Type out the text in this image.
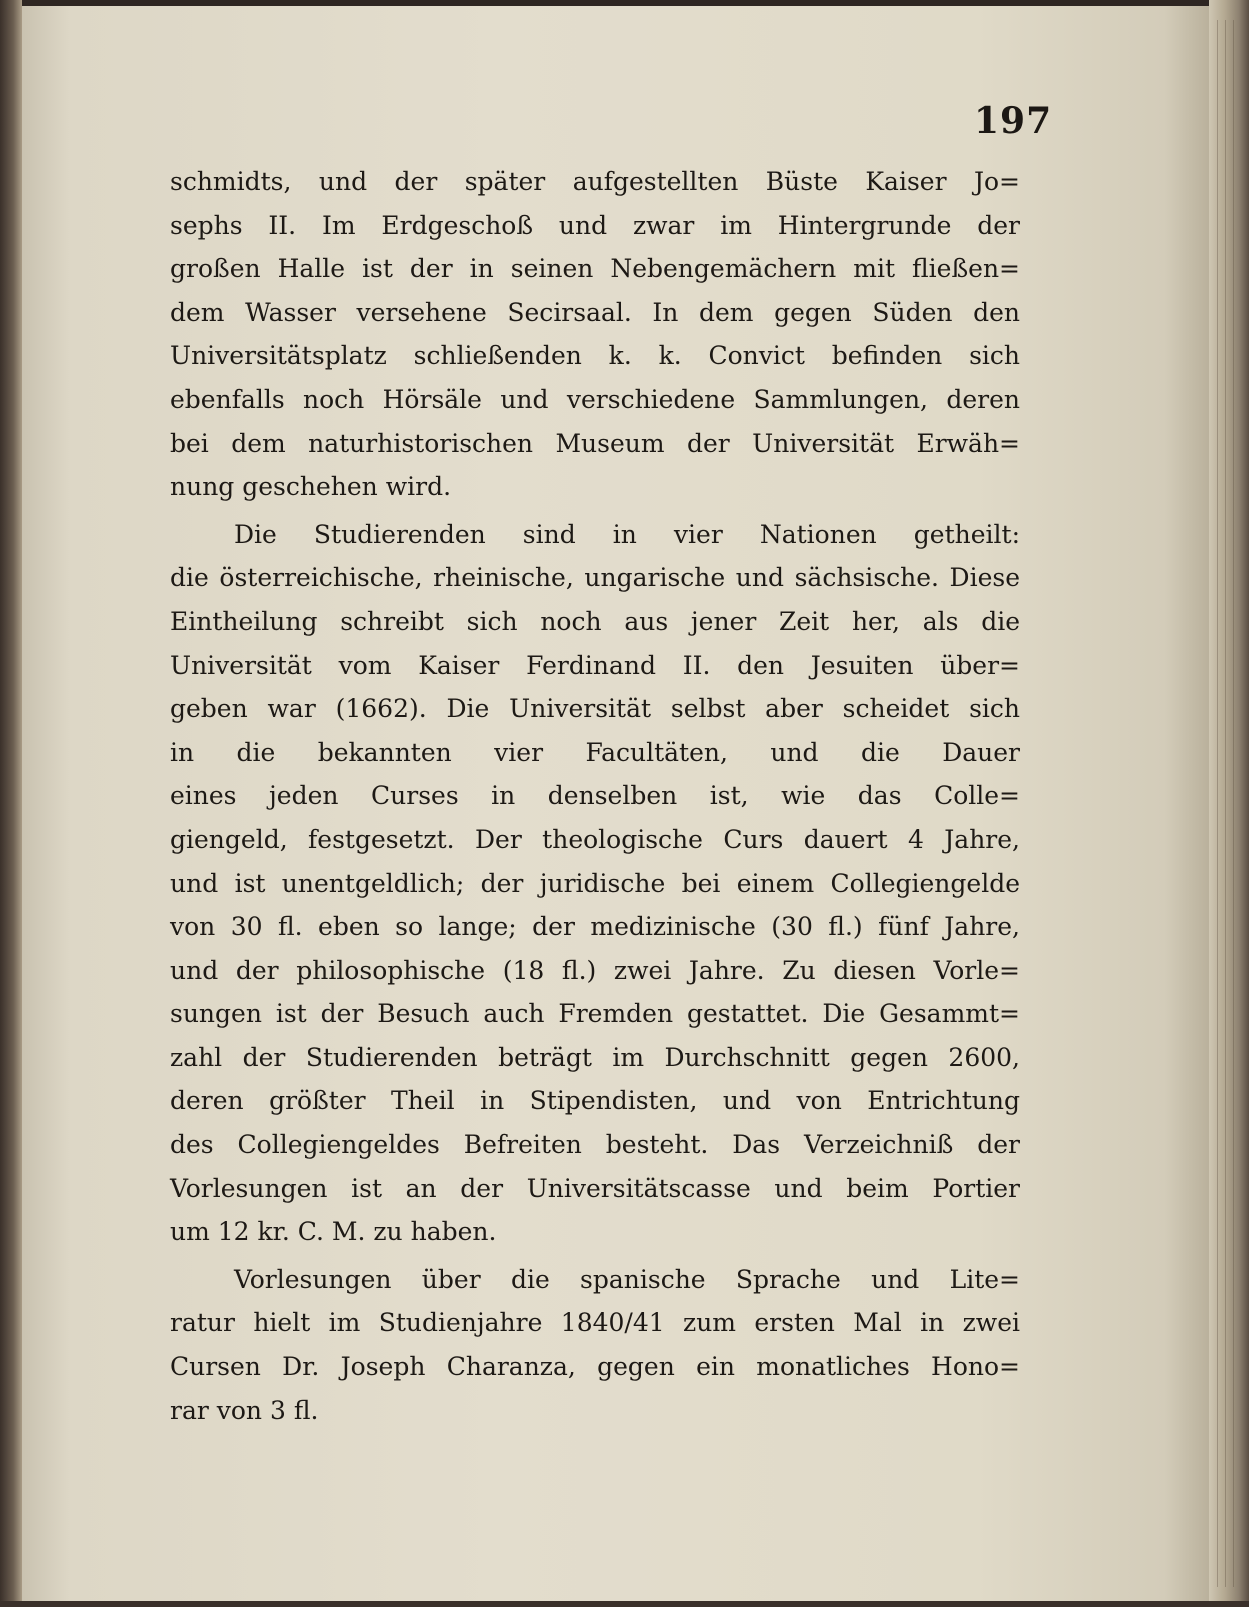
197
schmidts, und der später aufgestellten Büste Kaiser Jo=
sephs II. Im Erdgeschoß und zwar im Hintergrunde der
großen Halle ist der in seinen Nebengemächern mit fließen=
dem Wasser versehene Secirsaal. In dem gegen Süden den
Universitätsplatz schließenden k. k. Convict befinden sich
ebenfalls noch Hörsäle und verschiedene Sammlungen, deren
bei dem naturhistorischen Museum der Universität Erwäh=
nung geschehen wird.
Die Studierenden sind in vier Nationen getheilt:
die österreichische, rheinische, ungarische und sächsische. Diese
Eintheilung schreibt sich noch aus jener Zeit her, als die
Universität vom Kaiser Ferdinand II. den Jesuiten über=
geben war (1662). Die Universität selbst aber scheidet sich
in die bekannten vier Facultäten, und die Dauer
eines jeden Curses in denselben ist, wie das Colle=
giengeld, festgesetzt. Der theologische Curs dauert 4 Jahre,
und ist unentgeldlich; der juridische bei einem Collegiengelde
von 30 fl. eben so lange; der medizinische (30 fl.) fünf Jahre,
und der philosophische (18 fl.) zwei Jahre. Zu diesen Vorle=
sungen ist der Besuch auch Fremden gestattet. Die Gesammt=
zahl der Studierenden beträgt im Durchschnitt gegen 2600,
deren größter Theil in Stipendisten, und von Entrichtung
des Collegiengeldes Befreiten besteht. Das Verzeichniß der
Vorlesungen ist an der Universitätscasse und beim Portier
um 12 kr. C. M. zu haben.
Vorlesungen über die spanische Sprache und Lite=
ratur hielt im Studienjahre 1840/41 zum ersten Mal in zwei
Cursen Dr. Joseph Charanza, gegen ein monatliches Hono=
rar von 3 fl.
